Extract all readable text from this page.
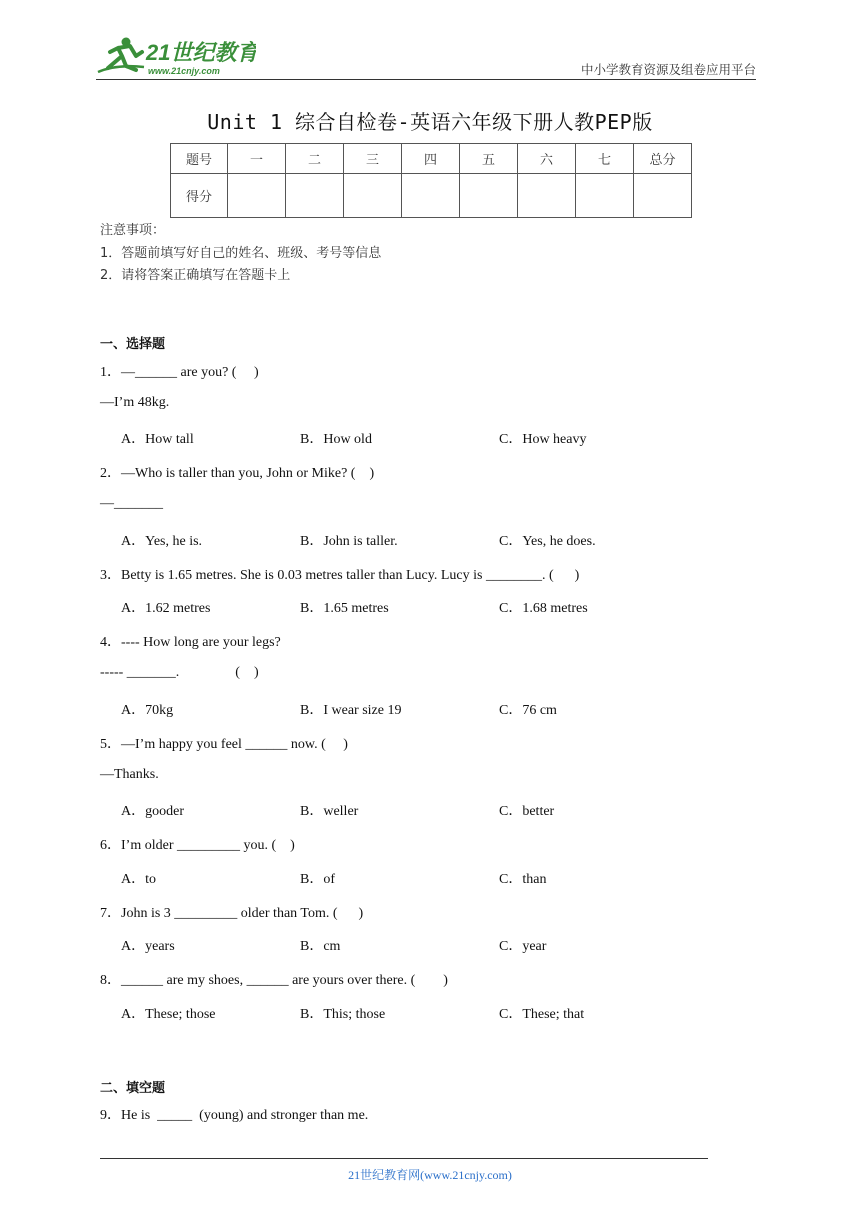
21世纪教育
www.21cnjy.com	中小学教育资源及组卷应用平台
Unit 1 综合自检卷-英语六年级下册人教PEP版
题号	一	二	三	四	五	六	七	总分
得分								
注意事项：
1．答题前填写好自己的姓名、班级、考号等信息
2．请将答案正确填写在答题卡上
一、选择题
1．—______ are you? (     )
—I’m 48kg.
A．How tall	B．How old	C．How heavy
2．—Who is taller than you, John or Mike? (    )
—_______
A．Yes, he is.	B．John is taller.	C．Yes, he does.
3．Betty is 1.65 metres. She is 0.03 metres taller than Lucy. Lucy is ________. (      )
A．1.62 metres	B．1.65 metres	C．1.68 metres
4．---- How long are your legs?
----- _______.                (    )
A．70kg	B．I wear size 19	C．76 cm
5．—I’m happy you feel ______ now. (     )
—Thanks.
A．gooder	B．weller	C．better
6．I’m older _________ you. (    )
A．to	B．of	C．than
7．John is 3 _________ older than Tom. (      )
A．years	B．cm	C．year
8．______ are my shoes, ______ are yours over there. (        )
A．These; those	B．This; those	C．These; that
二、填空题
9．He is  _____  (young) and stronger than me.
21世纪教育网(www.21cnjy.com)
